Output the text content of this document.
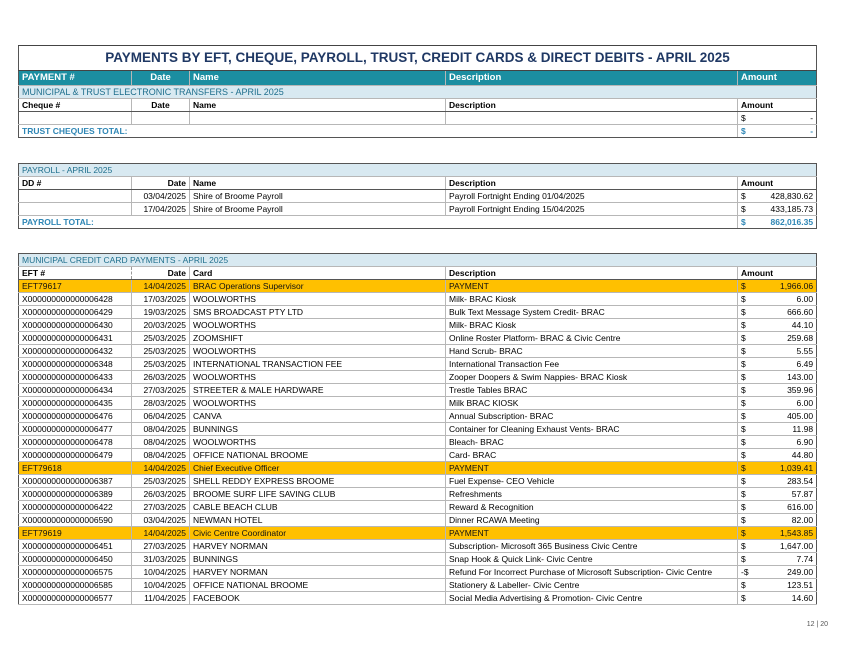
PAYMENTS BY EFT, CHEQUE, PAYROLL, TRUST, CREDIT CARDS & DIRECT DEBITS - APRIL 2025				
PAYMENT #	Date	Name	Description	Amount
MUNICIPAL & TRUST ELECTRONIC TRANSFERS - APRIL 2025				
Cheque #	Date	Name	Description	Amount

				$ -

TRUST CHEQUES TOTAL:				$ -
PAYROLL - APRIL 2025				
DD #	Date	Name	Description	Amount
	03/04/2025	Shire of Broome Payroll	Payroll Fortnight Ending 01/04/2025	$ 428,830.62

	17/04/2025	Shire of Broome Payroll	Payroll Fortnight Ending 15/04/2025	$ 433,185.73

PAYROLL TOTAL:				$ 862,016.35
MUNICIPAL CREDIT CARD PAYMENTS - APRIL 2025				
EFT #	Date	Card	Description	Amount
EFT79617	14/04/2025	BRAC Operations Supervisor	PAYMENT	$ 1,966.06

X000000000000006428	17/03/2025	WOOLWORTHS	Milk- BRAC Kiosk	$ 6.00

X000000000000006429	19/03/2025	SMS BROADCAST PTY LTD	Bulk Text Message System Credit- BRAC	$ 666.60

X000000000000006430	20/03/2025	WOOLWORTHS	Milk- BRAC Kiosk	$ 44.10

X000000000000006431	25/03/2025	ZOOMSHIFT	Online Roster Platform- BRAC & Civic Centre	$ 259.68

X000000000000006432	25/03/2025	WOOLWORTHS	Hand Scrub- BRAC	$ 5.55

X000000000000006348	25/03/2025	INTERNATIONAL TRANSACTION FEE	International Transaction Fee	$ 6.49

X000000000000006433	26/03/2025	WOOLWORTHS	Zooper Doopers & Swim Nappies- BRAC Kiosk	$ 143.00

X000000000000006434	27/03/2025	STREETER & MALE HARDWARE	Trestle Tables BRAC	$ 359.96

X000000000000006435	28/03/2025	WOOLWORTHS	Milk BRAC KIOSK	$ 6.00

X000000000000006476	06/04/2025	CANVA	Annual Subscription- BRAC	$ 405.00

X000000000000006477	08/04/2025	BUNNINGS	Container for Cleaning Exhaust Vents- BRAC	$ 11.98

X000000000000006478	08/04/2025	WOOLWORTHS	Bleach- BRAC	$ 6.90

X000000000000006479	08/04/2025	OFFICE NATIONAL BROOME	Card- BRAC	$ 44.80

EFT79618	14/04/2025	Chief Executive Officer	PAYMENT	$ 1,039.41

X000000000000006387	25/03/2025	SHELL REDDY EXPRESS BROOME	Fuel Expense- CEO Vehicle	$ 283.54

X000000000000006389	26/03/2025	BROOME SURF LIFE SAVING CLUB	Refreshments	$ 57.87

X000000000000006422	27/03/2025	CABLE BEACH CLUB	Reward & Recognition	$ 616.00

X000000000000006590	03/04/2025	NEWMAN HOTEL	Dinner RCAWA Meeting	$ 82.00

EFT79619	14/04/2025	Civic Centre Coordinator	PAYMENT	$ 1,543.85

X000000000000006451	27/03/2025	HARVEY NORMAN	Subscription- Microsoft 365 Business Civic Centre	$ 1,647.00

X000000000000006450	31/03/2025	BUNNINGS	Snap Hook & Quick Link- Civic Centre	$ 7.74

X000000000000006575	10/04/2025	HARVEY NORMAN	Refund For Incorrect Purchase of Microsoft Subscription- Civic Centre	-$ 249.00

X000000000000006585	10/04/2025	OFFICE NATIONAL BROOME	Stationery & Labeller- Civic Centre	$ 123.51

X000000000000006577	11/04/2025	FACEBOOK	Social Media Advertising & Promotion- Civic Centre	$ 14.60
12 | 20
